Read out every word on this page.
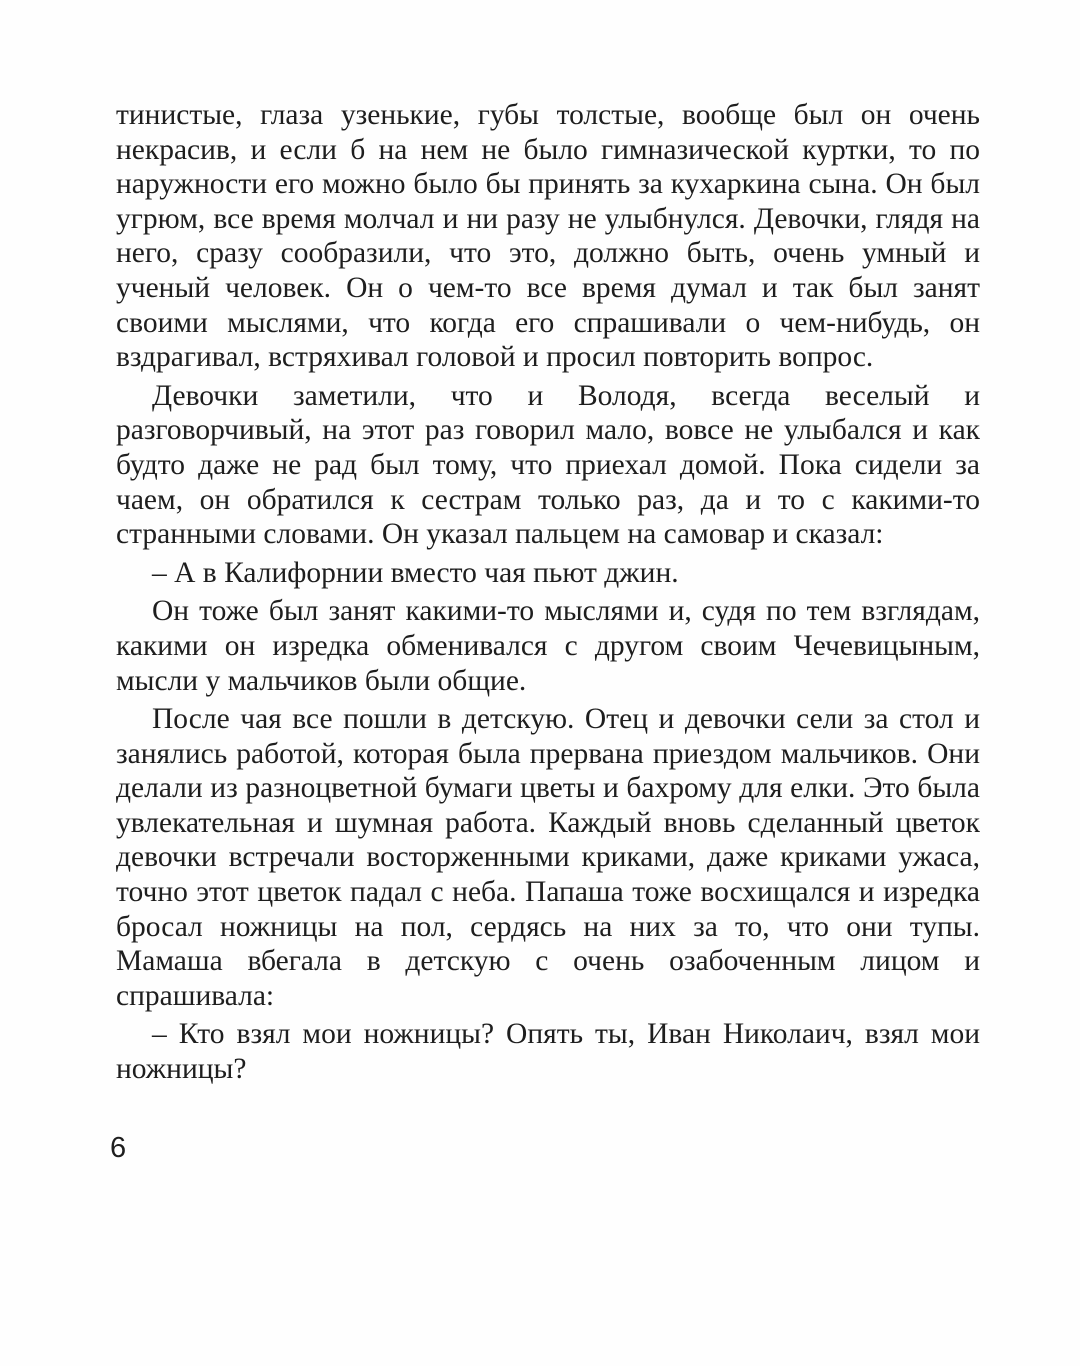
тинистые, глаза узенькие, губы толстые, вообще был он очень некрасив, и если б на нем не было гимназической куртки, то по наружности его можно было бы принять за кухаркина сына. Он был угрюм, все время молчал и ни разу не улыбнулся. Девочки, глядя на него, сразу сообразили, что это, должно быть, очень умный и ученый человек. Он о чем-то все время думал и так был занят своими мыслями, что когда его спрашивали о чем-нибудь, он вздрагивал, встряхивал головой и просил повторить вопрос.

Девочки заметили, что и Володя, всегда веселый и разговорчивый, на этот раз говорил мало, вовсе не улыбался и как будто даже не рад был тому, что приехал домой. Пока сидели за чаем, он обратился к сестрам только раз, да и то с какими-то странными словами. Он указал пальцем на самовар и сказал:

– А в Калифорнии вместо чая пьют джин.

Он тоже был занят какими-то мыслями и, судя по тем взглядам, какими он изредка обменивался с другом своим Чечевицыным, мысли у мальчиков были общие.

После чая все пошли в детскую. Отец и девочки сели за стол и занялись работой, которая была прервана приездом мальчиков. Они делали из разноцветной бумаги цветы и бахрому для елки. Это была увлекательная и шумная работа. Каждый вновь сделанный цветок девочки встречали восторженными криками, даже криками ужаса, точно этот цветок падал с неба. Папаша тоже восхищался и изредка бросал ножницы на пол, сердясь на них за то, что они тупы. Мамаша вбегала в детскую с очень озабоченным лицом и спрашивала:

– Кто взял мои ножницы? Опять ты, Иван Николаич, взял мои ножницы?

6
